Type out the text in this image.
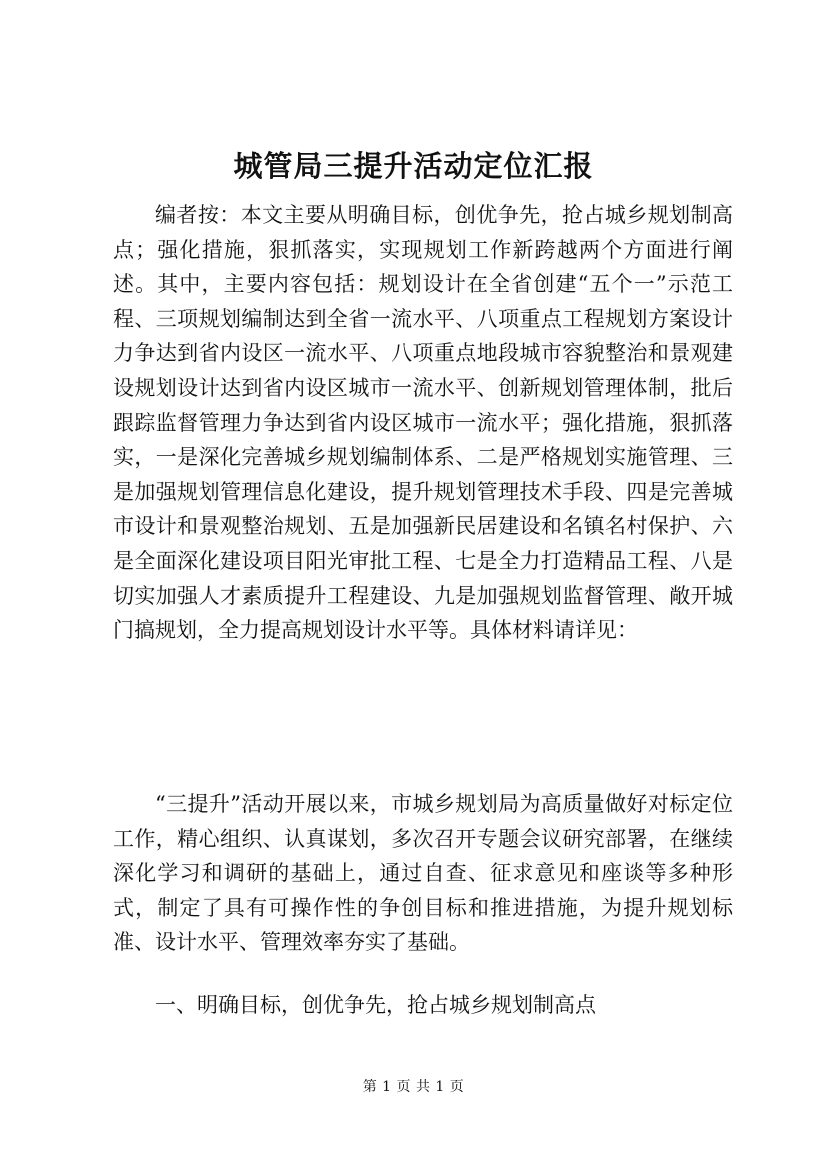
城管局三提升活动定位汇报

编者按：本文主要从明确目标，创优争先，抢占城乡规划制高点；强化措施，狠抓落实，实现规划工作新跨越两个方面进行阐述。其中，主要内容包括：规划设计在全省创建“五个一”示范工程、三项规划编制达到全省一流水平、八项重点工程规划方案设计力争达到省内设区一流水平、八项重点地段城市容貌整治和景观建设规划设计达到省内设区城市一流水平、创新规划管理体制，批后跟踪监督管理力争达到省内设区城市一流水平；强化措施，狠抓落实，一是深化完善城乡规划编制体系、二是严格规划实施管理、三是加强规划管理信息化建设，提升规划管理技术手段、四是完善城市设计和景观整治规划、五是加强新民居建设和名镇名村保护、六是全面深化建设项目阳光审批工程、七是全力打造精品工程、八是切实加强人才素质提升工程建设、九是加强规划监督管理、敞开城门搞规划，全力提高规划设计水平等。具体材料请详见：

“三提升”活动开展以来，市城乡规划局为高质量做好对标定位工作，精心组织、认真谋划，多次召开专题会议研究部署，在继续深化学习和调研的基础上，通过自查、征求意见和座谈等多种形式，制定了具有可操作性的争创目标和推进措施，为提升规划标准、设计水平、管理效率夯实了基础。

一、明确目标，创优争先，抢占城乡规划制高点

第 1 页 共 1 页
